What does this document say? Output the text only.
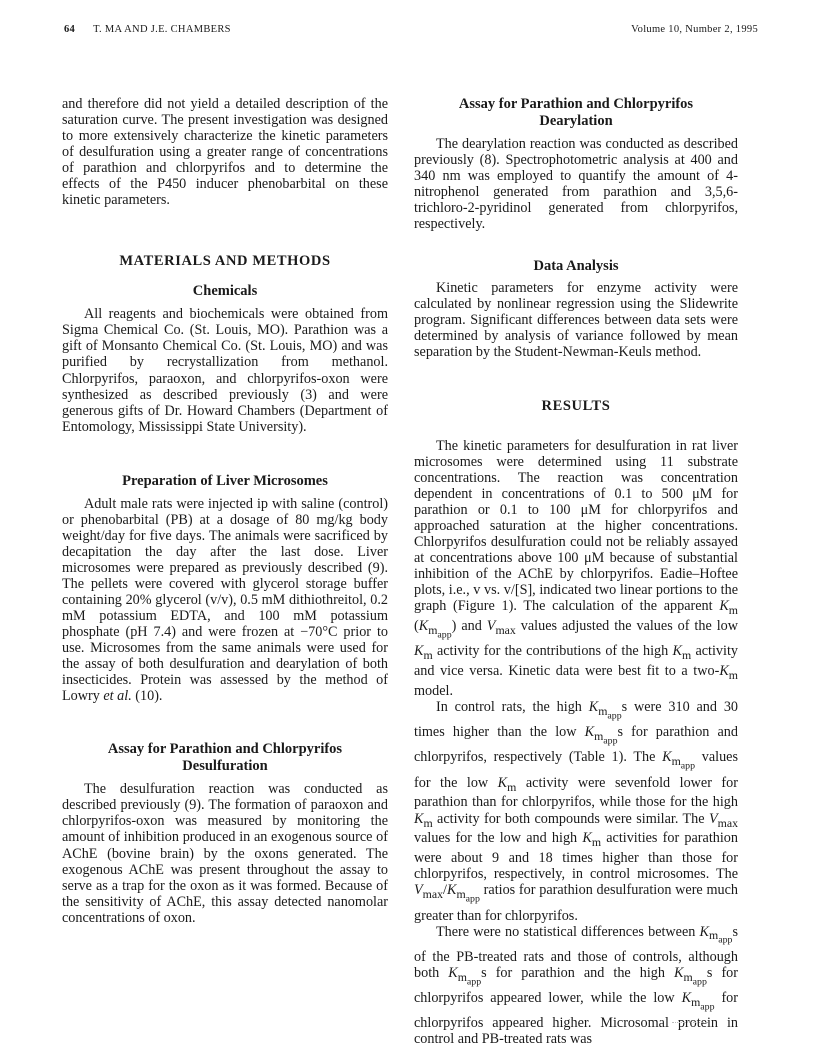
64 T. MA AND J.E. CHAMBERS	Volume 10, Number 2, 1995

and therefore did not yield a detailed description of the saturation curve. The present investigation was designed to more extensively characterize the kinetic parameters of desulfuration using a greater range of concentrations of parathion and chlorpyrifos and to determine the effects of the P450 inducer phenobarbital on these kinetic parameters.

MATERIALS AND METHODS
Chemicals

All reagents and biochemicals were obtained from Sigma Chemical Co. (St. Louis, MO). Parathion was a gift of Monsanto Chemical Co. (St. Louis, MO) and was purified by recrystallization from methanol. Chlorpyrifos, paraoxon, and chlorpyrifos-oxon were synthesized as described previously (3) and were generous gifts of Dr. Howard Chambers (Department of Entomology, Mississippi State University).

Preparation of Liver Microsomes

Adult male rats were injected ip with saline (control) or phenobarbital (PB) at a dosage of 80 mg/kg body weight/day for five days. The animals were sacrificed by decapitation the day after the last dose. Liver microsomes were prepared as previously described (9). The pellets were covered with glycerol storage buffer containing 20% glycerol (v/v), 0.5 mM dithiothreitol, 0.2 mM potassium EDTA, and 100 mM potassium phosphate (pH 7.4) and were frozen at −70°C prior to use. Microsomes from the same animals were used for the assay of both desulfuration and dearylation of both insecticides. Protein was assessed by the method of Lowry et al. (10).

Assay for Parathion and Chlorpyrifos
Desulfuration

The desulfuration reaction was conducted as described previously (9). The formation of paraoxon and chlorpyrifos-oxon was measured by monitoring the amount of inhibition produced in an exogenous source of AChE (bovine brain) by the oxons generated. The exogenous AChE was present throughout the assay to serve as a trap for the oxon as it was formed. Because of the sensitivity of AChE, this assay detected nanomolar concentrations of oxon.

Assay for Parathion and Chlorpyrifos
Dearylation

The dearylation reaction was conducted as described previously (8). Spectrophotometric analysis at 400 and 340 nm was employed to quantify the amount of 4-nitrophenol generated from parathion and 3,5,6-trichloro-2-pyridinol generated from chlorpyrifos, respectively.

Data Analysis

Kinetic parameters for enzyme activity were calculated by nonlinear regression using the Slidewrite program. Significant differences between data sets were determined by analysis of variance followed by mean separation by the Student-Newman-Keuls method.

RESULTS

The kinetic parameters for desulfuration in rat liver microsomes were determined using 11 substrate concentrations. The reaction was concentration dependent in concentrations of 0.1 to 500 μM for parathion or 0.1 to 100 μM for chlorpyrifos and approached saturation at the higher concentrations. Chlorpyrifos desulfuration could not be reliably assayed at concentrations above 100 μM because of substantial inhibition of the AChE by chlorpyrifos. Eadie–Hoftee plots, i.e., v vs. v/[S], indicated two linear portions to the graph (Figure 1). The calculation of the apparent $K_m$ $(K_{m_{app}})$ and $V_{max}$ values adjusted the values of the low $K_m$ activity for the contributions of the high $K_m$ activity and vice versa. Kinetic data were best fit to a two-$K_m$ model.

In control rats, the high $K_{m_{app}}s$ were 310 and 30 times higher than the low $K_{m_{app}}s$ for parathion and chlorpyrifos, respectively (Table 1). The $K_{m_{app}}$ values for the low $K_m$ activity were sevenfold lower for parathion than for chlorpyrifos, while those for the high $K_m$ activity for both compounds were similar. The $V_{max}$ values for the low and high $K_m$ activities for parathion were about 9 and 18 times higher than those for chlorpyrifos, respectively, in control microsomes. The $V_{max}/K_{m_{app}}$ ratios for parathion desulfuration were much greater than for chlorpyrifos.

There were no statistical differences between $K_{m_{app}}s$ of the PB-treated rats and those of controls, although both $K_{m_{app}}s$ for parathion and the high $K_{m_{app}}s$ for chlorpyrifos appeared lower, while the low $K_{m_{app}}$ for chlorpyrifos appeared higher. Microsomal protein in control and PB-treated rats was
